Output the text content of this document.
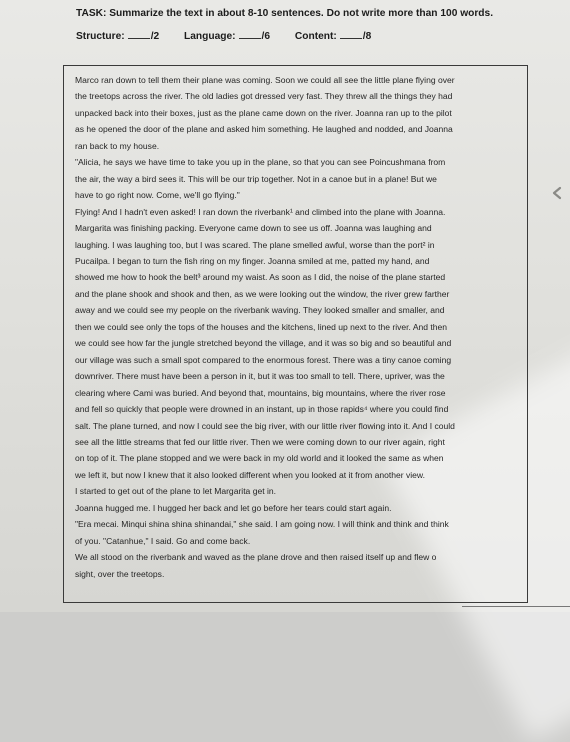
TASK: Summarize the text in about 8-10 sentences. Do not write more than 100 words.
Structure:	/2 Language:	/6 Content:	/8
Marco ran down to tell them their plane was coming. Soon we could all see the little plane flying over
the treetops across the river. The old ladies got dressed very fast. They threw all the things they had
unpacked back into their boxes, just as the plane came down on the river. Joanna ran up to the pilot
as he opened the door of the plane and asked him something. He laughed and nodded, and Joanna
ran back to my house.
"Alicia, he says we have time to take you up in the plane, so that you can see Poincushmana from
the air, the way a bird sees it. This will be our trip together. Not in a canoe but in a plane! But we
have to go right now. Come, we'll go flying."
Flying! And I hadn't even asked! I ran down the riverbank¹ and climbed into the plane with Joanna.
Margarita was finishing packing. Everyone came down to see us off. Joanna was laughing and
laughing. I was laughing too, but I was scared. The plane smelled awful, worse than the port² in
Pucailpa. I began to turn the fish ring on my finger. Joanna smiled at me, patted my hand, and
showed me how to hook the belt³ around my waist. As soon as I did, the noise of the plane started
and the plane shook and shook and then, as we were looking out the window, the river grew farther
away and we could see my people on the riverbank waving. They looked smaller and smaller, and
then we could see only the tops of the houses and the kitchens, lined up next to the river. And then
we could see how far the jungle stretched beyond the village, and it was so big and so beautiful and
our village was such a small spot compared to the enormous forest. There was a tiny canoe coming
downriver. There must have been a person in it, but it was too small to tell. There, upriver, was the
clearing where Cami was buried. And beyond that, mountains, big mountains, where the river rose
and fell so quickly that people were drowned in an instant, up in those rapids⁴ where you could find
salt. The plane turned, and now I could see the big river, with our little river flowing into it. And I could
see all the little streams that fed our little river. Then we were coming down to our river again, right
on top of it. The plane stopped and we were back in my old world and it looked the same as when
we left it, but now I knew that it also looked different when you looked at it from another view.
I started to get out of the plane to let Margarita get in.
Joanna hugged me. I hugged her back and let go before her tears could start again.
"Era mecai. Minqui shina shina shinandai," she said. I am going now. I will think and think and think
of you. "Catanhue," I said. Go and come back.
We all stood on the riverbank and waved as the plane drove and then raised itself up and flew o
sight, over the treetops.
